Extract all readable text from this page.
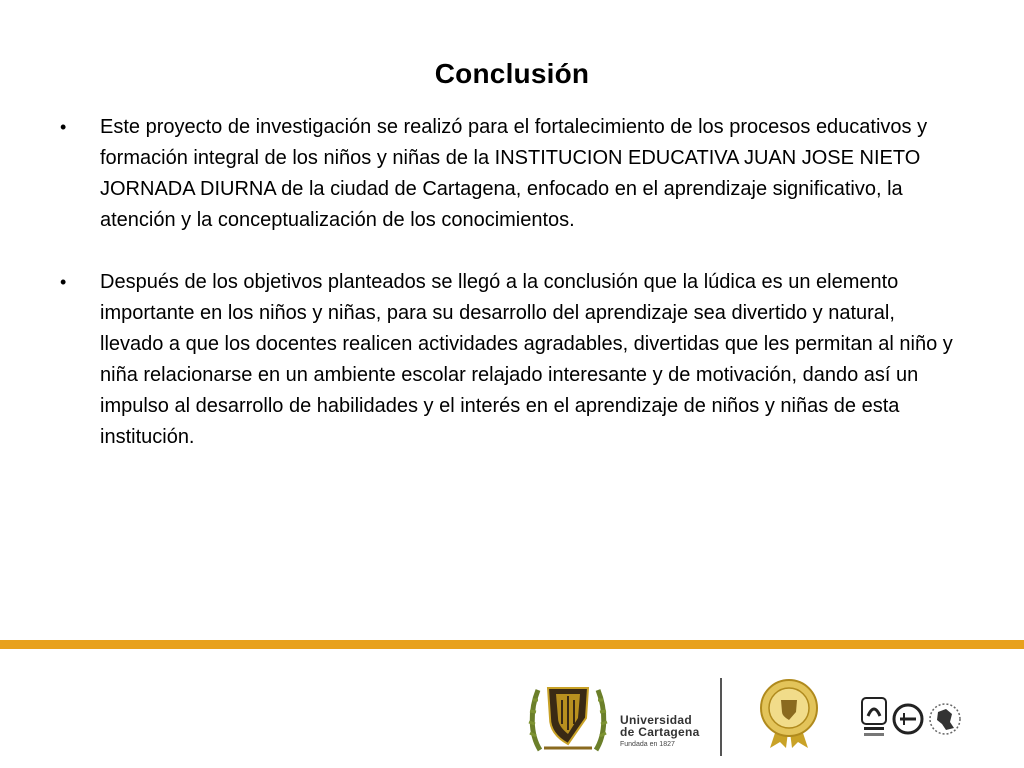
Conclusión
•	Este proyecto de investigación se realizó para el fortalecimiento de los procesos educativos y formación integral de los niños y niñas de la INSTITUCION EDUCATIVA JUAN JOSE NIETO JORNADA DIURNA de la ciudad de Cartagena, enfocado en el aprendizaje significativo, la atención y la conceptualización de los conocimientos.
•	Después de los objetivos planteados se llegó a la conclusión que la lúdica es un elemento importante en los niños y niñas, para su desarrollo del aprendizaje sea divertido y natural, llevado a que los docentes realicen actividades agradables, divertidas que les permitan al niño y niña relacionarse en un ambiente escolar relajado interesante y de motivación, dando así un impulso al desarrollo de habilidades y el interés en el aprendizaje de niños y niñas de esta institución.
Universidad
de Cartagena
Fundada en 1827
